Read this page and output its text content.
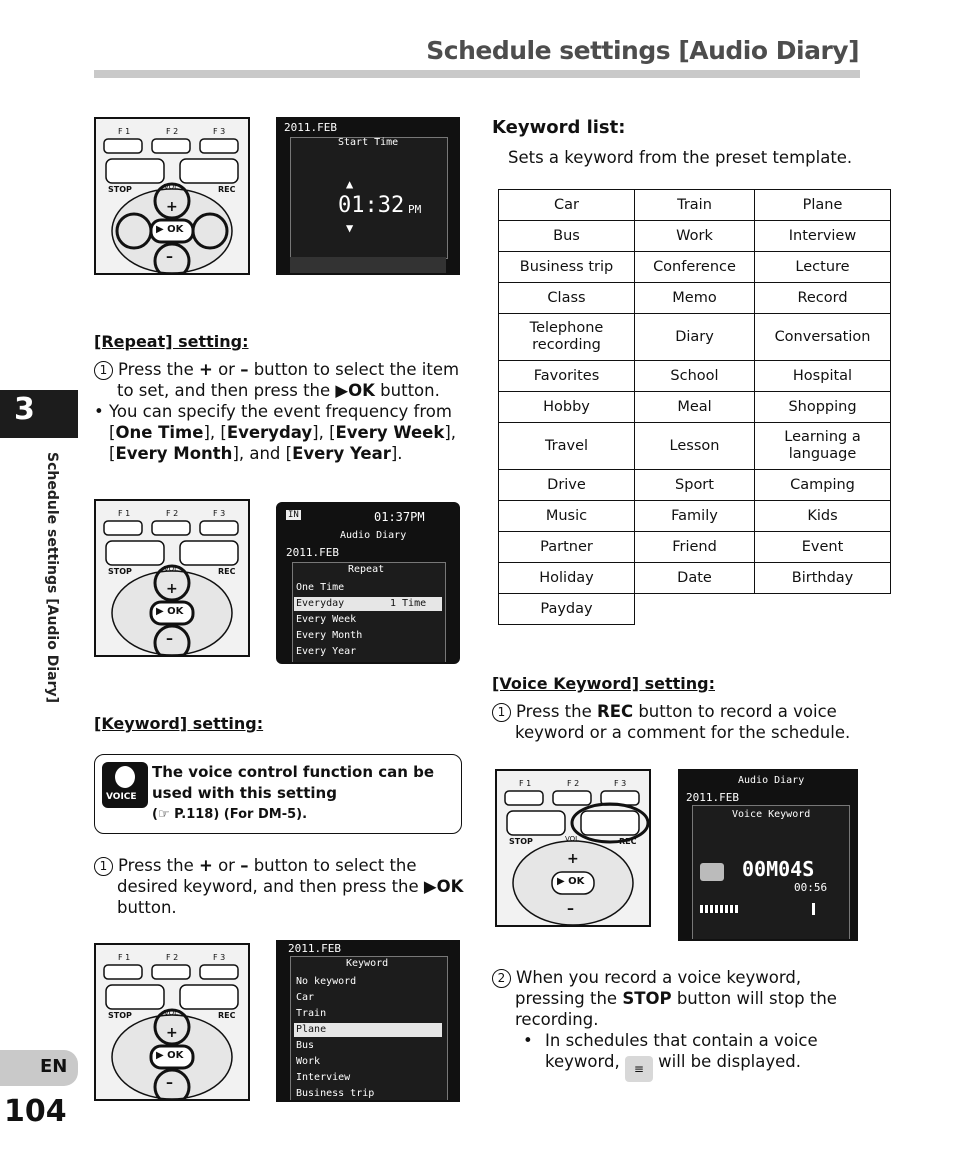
Schedule settings [Audio Diary]
3
Schedule settings [Audio Diary]
EN
104
F 1	F 2	F 3
STOP	REC
VOL
+
▶ OK
–
2011.FEB
Start Time
▲
01:32 PM
▼
[Repeat] setting:
1 Press the + or – button to select the item
to set, and then press the ▶OK button.
• You can specify the event frequency from
[One Time], [Everyday], [Every Week],
[Every Month], and [Every Year].
F 1	F 2	F 3
STOP	REC
VOL
+
▶ OK
–
IN	01:37PM
Audio Diary
2011.FEB
Repeat
One Time
Everyday	1 Time
Every Week
Every Month
Every Year
[Keyword] setting:
VOICE
The voice control function can be
used with this setting
(☞ P.118) (For DM-5).
1 Press the + or – button to select the
desired keyword, and then press the ▶OK
button.
F 1	F 2	F 3
STOP	REC
VOL
+
▶ OK
–
2011.FEB
Keyword
No keyword
Car
Train
Plane
Bus
Work
Interview
Business trip
Keyword list:
Sets a keyword from the preset template.
Car	Train	Plane
Bus	Work	Interview
Business trip	Conference	Lecture
Class	Memo	Record
Telephone recording	Diary	Conversation
Favorites	School	Hospital
Hobby	Meal	Shopping
Travel	Lesson	Learning a language
Drive	Sport	Camping
Music	Family	Kids
Partner	Friend	Event
Holiday	Date	Birthday
Payday		
[Voice Keyword] setting:
1 Press the REC button to record a voice
keyword or a comment for the schedule.
F 1	F 2	F 3
STOP	REC
VOL
+
▶ OK
–
Audio Diary
2011.FEB
Voice Keyword
00M04S
00:56
2 When you record a voice keyword,
pressing the STOP button will stop the
recording.
• In schedules that contain a voice
keyword, ≡ will be displayed.
